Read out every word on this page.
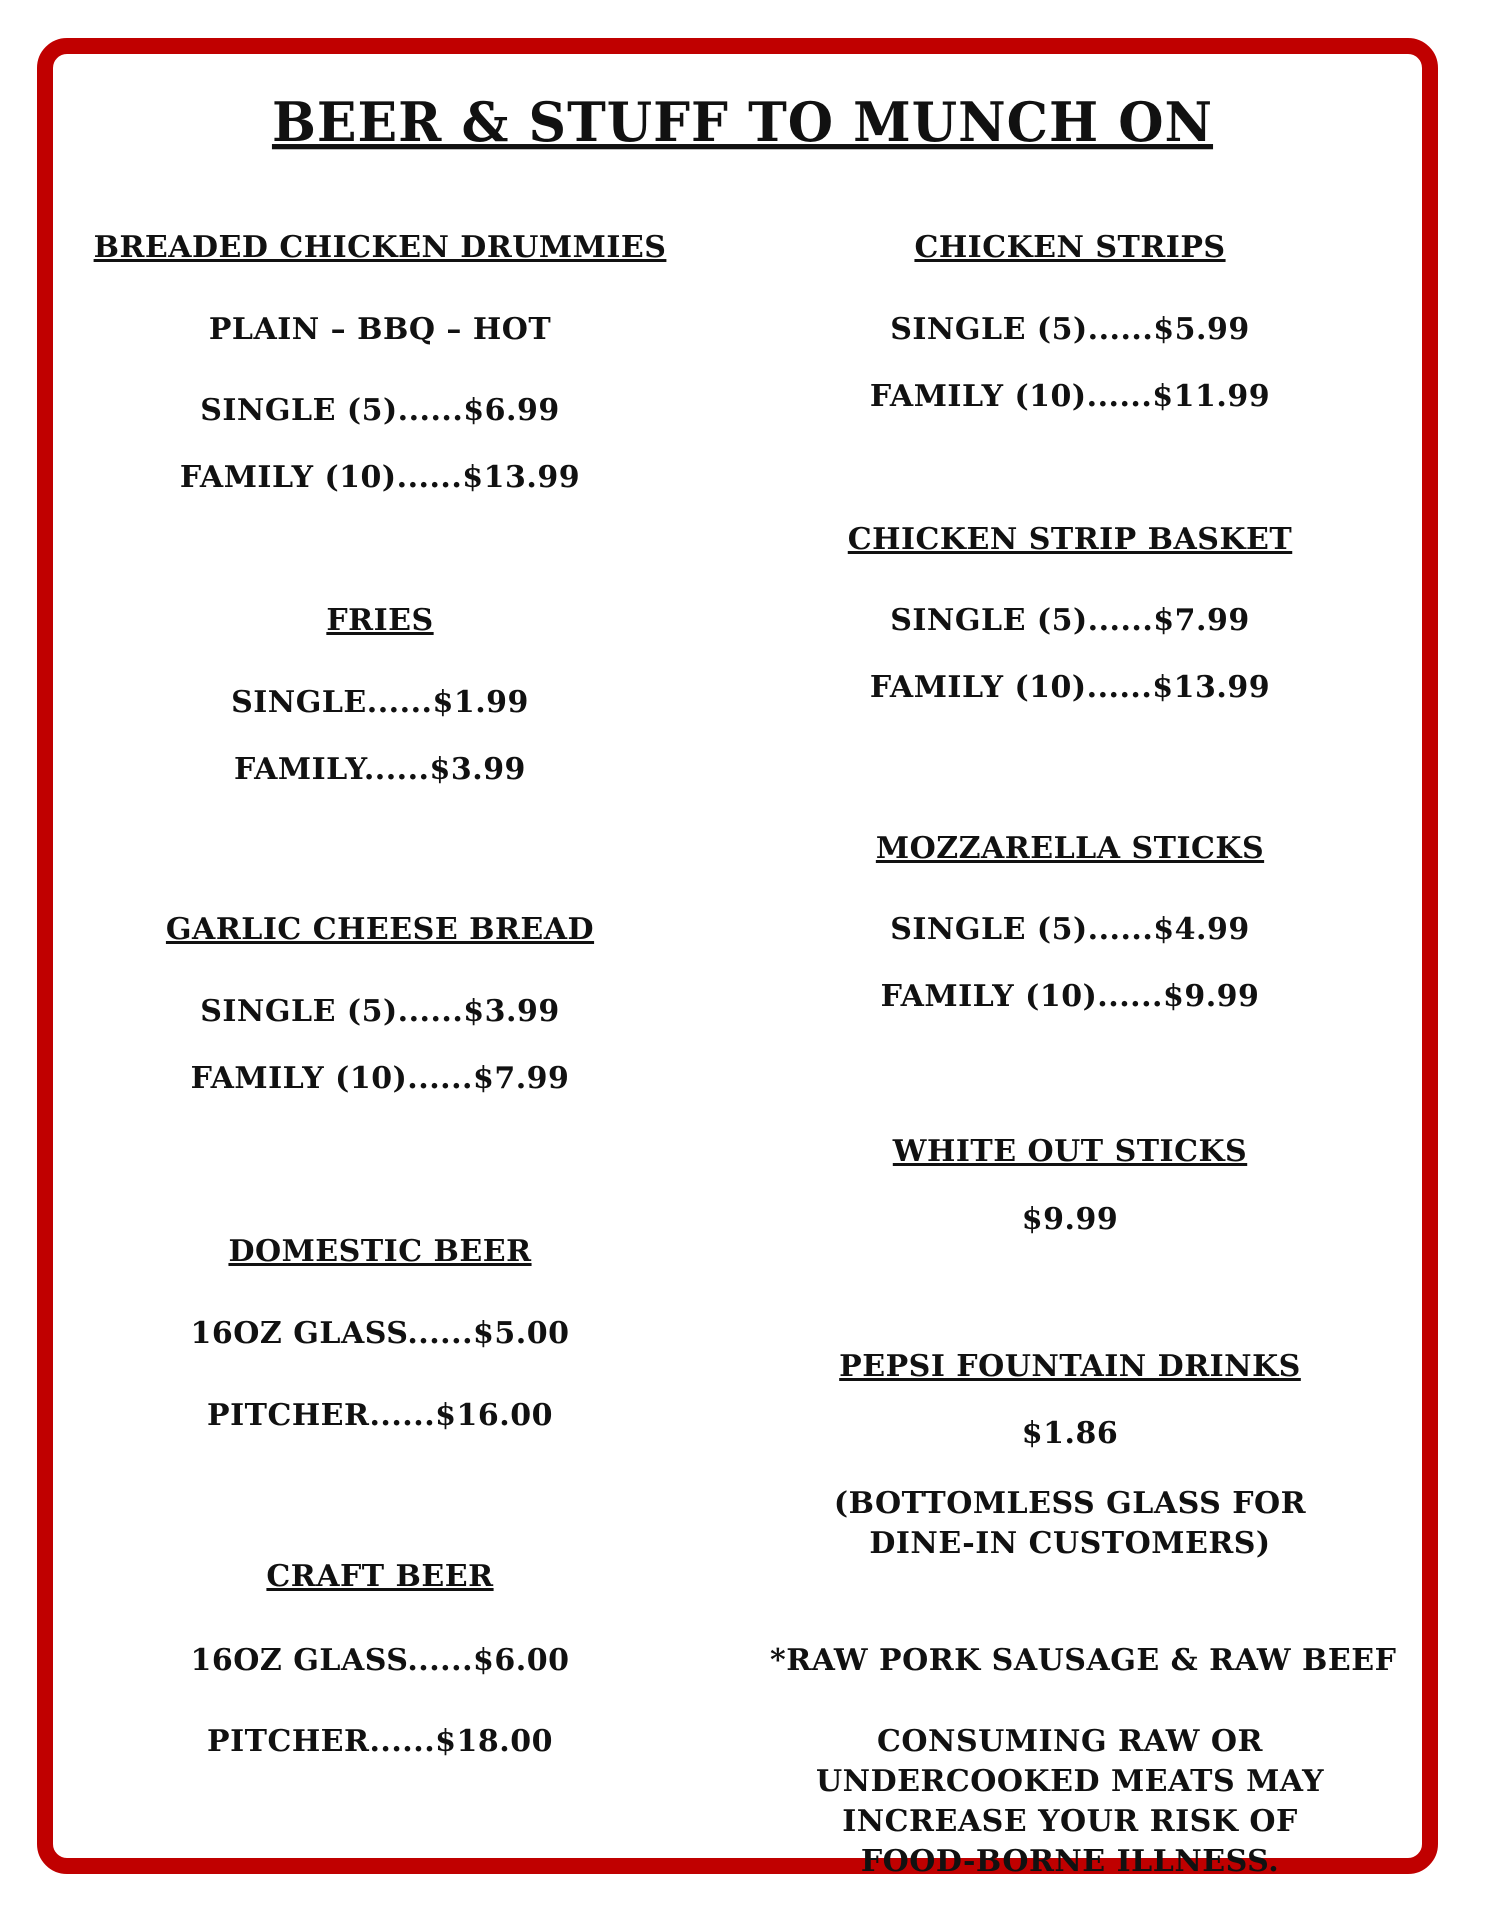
BEER & STUFF TO MUNCH ON
BREADED CHICKEN DRUMMIES
PLAIN – BBQ – HOT
SINGLE (5)......$6.99
FAMILY (10)......$13.99
FRIES
SINGLE......$1.99
FAMILY......$3.99
GARLIC CHEESE BREAD
SINGLE (5)......$3.99
FAMILY (10)......$7.99
DOMESTIC BEER
16OZ GLASS......$5.00
PITCHER......$16.00
CRAFT BEER
16OZ GLASS......$6.00
PITCHER......$18.00
CHICKEN STRIPS
SINGLE (5)......$5.99
FAMILY (10)......$11.99
CHICKEN STRIP BASKET
SINGLE (5)......$7.99
FAMILY (10)......$13.99
MOZZARELLA STICKS
SINGLE (5)......$4.99
FAMILY (10)......$9.99
WHITE OUT STICKS
$9.99
PEPSI FOUNTAIN DRINKS
$1.86
(BOTTOMLESS GLASS FOR DINE-IN CUSTOMERS)
*RAW PORK SAUSAGE & RAW BEEF
CONSUMING RAW OR UNDERCOOKED MEATS MAY INCREASE YOUR RISK OF FOOD-BORNE ILLNESS.
